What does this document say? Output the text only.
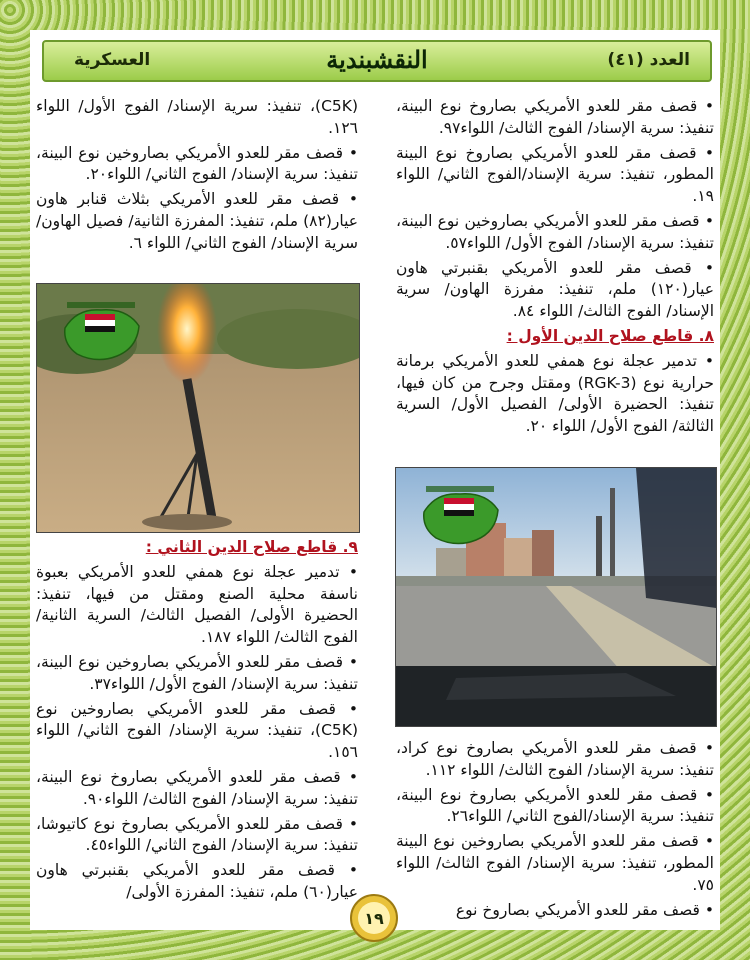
العسكرية	النقشبندية	العدد (٤١)

• قصف مقر للعدو الأمريكي بصاروخ نوع البينة، تنفيذ: سرية الإسناد/ الفوج الثالث/ اللواء٩٧.

• قصف مقر للعدو الأمريكي بصاروخ نوع البينة المطور، تنفيذ: سرية الإسناد/الفوج الثاني/ اللواء ١٩.

• قصف مقر للعدو الأمريكي بصاروخين نوع البينة، تنفيذ: سرية الإسناد/ الفوج الأول/ اللواء٥٧.

• قصف مقر للعدو الأمريكي بقنبرتي هاون عيار(١٢٠) ملم، تنفيذ: مفرزة الهاون/ سرية الإسناد/ الفوج الثالث/ اللواء ٨٤.

٨. قاطع صلاح الدين الأول :

• تدمير عجلة نوع همفي للعدو الأمريكي برمانة حرارية نوع (RGK-3) ومقتل وجرح من كان فيها، تنفيذ: الحضيرة الأولى/ الفصيل الأول/ السرية الثالثة/ الفوج الأول/ اللواء ٢٠.

• قصف مقر للعدو الأمريكي بصاروخ نوع كراد، تنفيذ: سرية الإسناد/ الفوج الثالث/ اللواء ١١٢.

• قصف مقر للعدو الأمريكي بصاروخ نوع البينة، تنفيذ: سرية الإسناد/الفوج الثاني/ اللواء٢٦.

• قصف مقر للعدو الأمريكي بصاروخين نوع البينة المطور، تنفيذ: سرية الإسناد/ الفوج الثالث/ اللواء ٧٥.

• قصف مقر للعدو الأمريكي بصاروخ نوع

(C5K)، تنفيذ: سرية الإسناد/ الفوج الأول/ اللواء ١٢٦.

• قصف مقر للعدو الأمريكي بصاروخين نوع البينة، تنفيذ: سرية الإسناد/ الفوج الثاني/ اللواء٢٠.

• قصف مقر للعدو الأمريكي بثلاث قنابر هاون عيار(٨٢) ملم، تنفيذ: المفرزة الثانية/ فصيل الهاون/ سرية الإسناد/ الفوج الثاني/ اللواء ٦.

٩. قاطع صلاح الدين الثاني :

• تدمير عجلة نوع همفي للعدو الأمريكي بعبوة ناسفة محلية الصنع ومقتل من فيها، تنفيذ: الحضيرة الأولى/ الفصيل الثالث/ السرية الثانية/ الفوج الثالث/ اللواء ١٨٧.

• قصف مقر للعدو الأمريكي بصاروخين نوع البينة، تنفيذ: سرية الإسناد/ الفوج الأول/ اللواء٣٧.

• قصف مقر للعدو الأمريكي بصاروخين نوع (C5K)، تنفيذ: سرية الإسناد/ الفوج الثاني/ اللواء ١٥٦.

• قصف مقر للعدو الأمريكي بصاروخ نوع البينة، تنفيذ: سرية الإسناد/ الفوج الثالث/ اللواء٩٠.

• قصف مقر للعدو الأمريكي بصاروخ نوع كاتيوشا، تنفيذ: سرية الإسناد/ الفوج الثاني/ اللواء٤٥.

• قصف مقر للعدو الأمريكي بقنبرتي هاون عيار(٦٠) ملم، تنفيذ: المفرزة الأولى/

١٩
